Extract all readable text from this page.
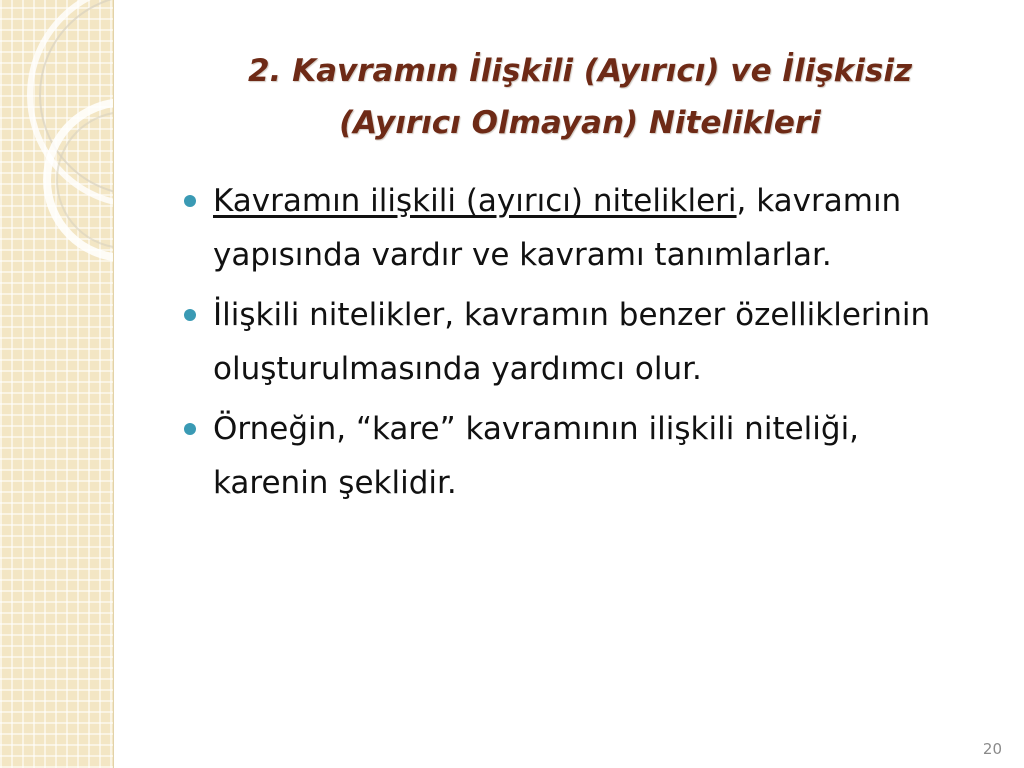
2. Kavramın İlişkili (Ayırıcı) ve İlişkisiz
(Ayırıcı Olmayan) Nitelikleri
Kavramın ilişkili (ayırıcı) nitelikleri, kavramın yapısında vardır ve kavramı tanımlarlar.
İlişkili nitelikler, kavramın benzer özelliklerinin oluşturulmasında yardımcı olur.
Örneğin, “kare” kavramının ilişkili niteliği, karenin şeklidir.
20
